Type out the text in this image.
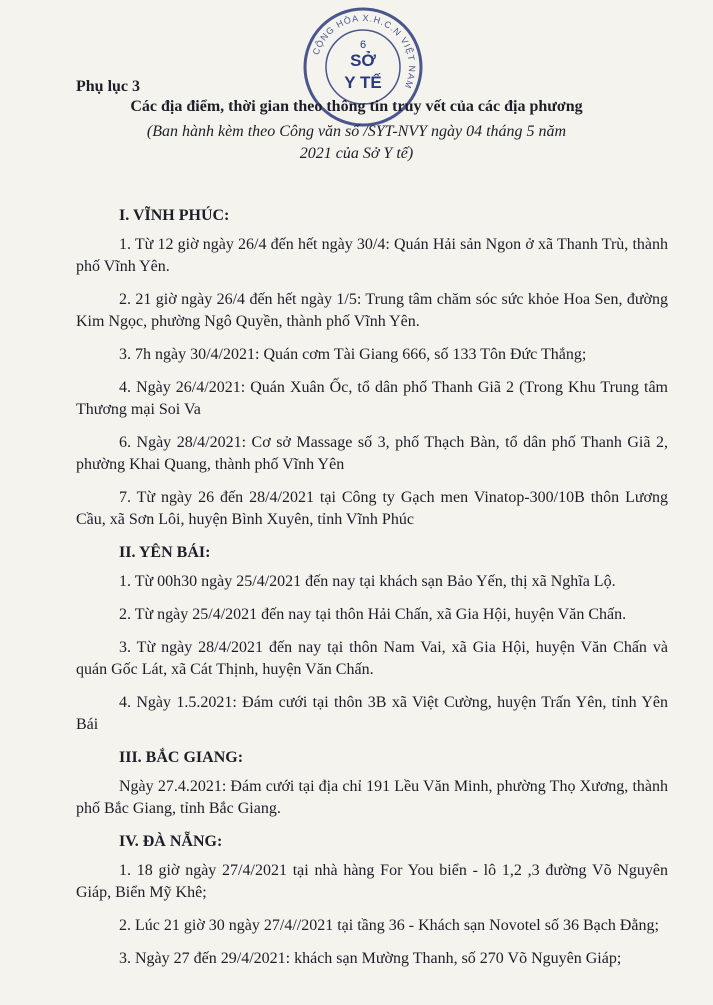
CỘNG HÒA X.H.C.N VIỆT NAM
6
SỞ
Y TẾ
Phụ lục 3
Các địa điểm, thời gian theo thông tin truy vết của các địa phương
(Ban hành kèm theo Công văn số /SYT-NVY ngày 04 tháng 5 năm
2021 của Sở Y tế)
I. VĨNH PHÚC:
1. Từ 12 giờ ngày 26/4 đến hết ngày 30/4: Quán Hải sản Ngon ở xã Thanh Trù, thành phố Vĩnh Yên.
2. 21 giờ ngày 26/4 đến hết ngày 1/5: Trung tâm chăm sóc sức khỏe Hoa Sen, đường Kim Ngọc, phường Ngô Quyền, thành phố Vĩnh Yên.
3. 7h ngày 30/4/2021: Quán cơm Tài Giang 666, số 133 Tôn Đức Thắng;
4. Ngày 26/4/2021: Quán Xuân Ốc, tổ dân phố Thanh Giã 2 (Trong Khu Trung tâm Thương mại Soi Va
6. Ngày 28/4/2021: Cơ sở Massage số 3, phố Thạch Bàn, tổ dân phố Thanh Giã 2, phường Khai Quang, thành phố Vĩnh Yên
7. Từ ngày 26 đến 28/4/2021 tại Công ty Gạch men Vinatop-300/10B thôn Lương Cầu, xã Sơn Lôi, huyện Bình Xuyên, tỉnh Vĩnh Phúc
II. YÊN BÁI:
1. Từ 00h30 ngày 25/4/2021 đến nay tại khách sạn Bảo Yến, thị xã Nghĩa Lộ.
2. Từ ngày 25/4/2021 đến nay tại thôn Hải Chấn, xã Gia Hội, huyện Văn Chấn.
3. Từ ngày 28/4/2021 đến nay tại thôn Nam Vai, xã Gia Hội, huyện Văn Chấn và quán Gốc Lát, xã Cát Thịnh, huyện Văn Chấn.
4. Ngày 1.5.2021: Đám cưới tại thôn 3B xã Việt Cường, huyện Trấn Yên, tỉnh Yên Bái
III. BẮC GIANG:
Ngày 27.4.2021: Đám cưới tại địa chỉ 191 Lều Văn Minh, phường Thọ Xương, thành phố Bắc Giang, tỉnh Bắc Giang.
IV. ĐÀ NẴNG:
1. 18 giờ ngày 27/4/2021 tại nhà hàng For You biển - lô 1,2 ,3 đường Võ Nguyên Giáp, Biển Mỹ Khê;
2. Lúc 21 giờ 30 ngày 27/4//2021 tại tầng 36 - Khách sạn Novotel số 36 Bạch Đằng;
3. Ngày 27 đến 29/4/2021: khách sạn Mường Thanh, số 270 Võ Nguyên Giáp;
